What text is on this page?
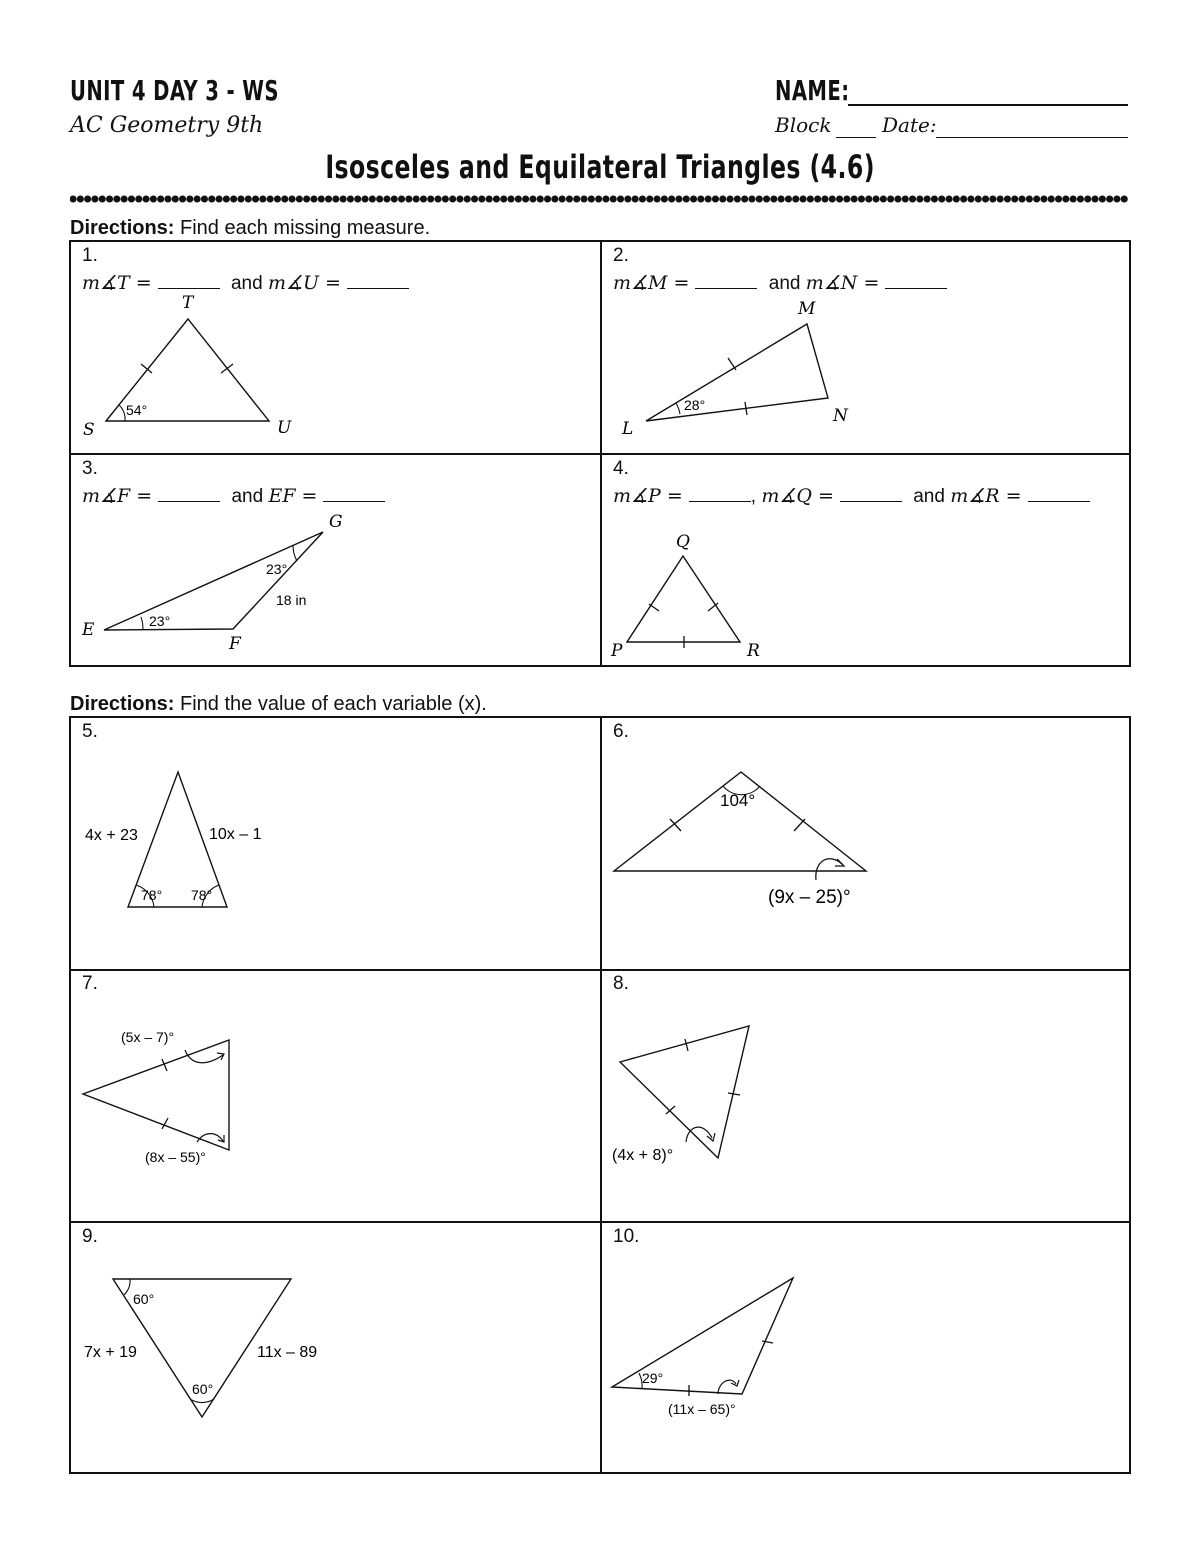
UNIT 4 DAY 3 - WS
AC Geometry 9th
NAME:
Block	Date:
Isosceles and Equilateral Triangles (4.6)
Directions: Find each missing measure.
1.
m∡T =	and m∡U =
T
S	U
54°
2.
m∡M =	and m∡N =
M
L
N
28°
3.
m∡F =	and EF =
G
E
F
23°
23°
18 in
4.
m∡P =	, m∡Q =	and m∡R =
Q
P	R
Directions: Find the value of each variable (x).
5.
4x + 23	10x – 1
78° 78°
6.
104°
(9x – 25)°
7.
(5x – 7)°
(8x – 55)°
8.
(4x + 8)°
9.
60°
60°
7x + 19	11x – 89
10.
29°
(11x – 65)°
